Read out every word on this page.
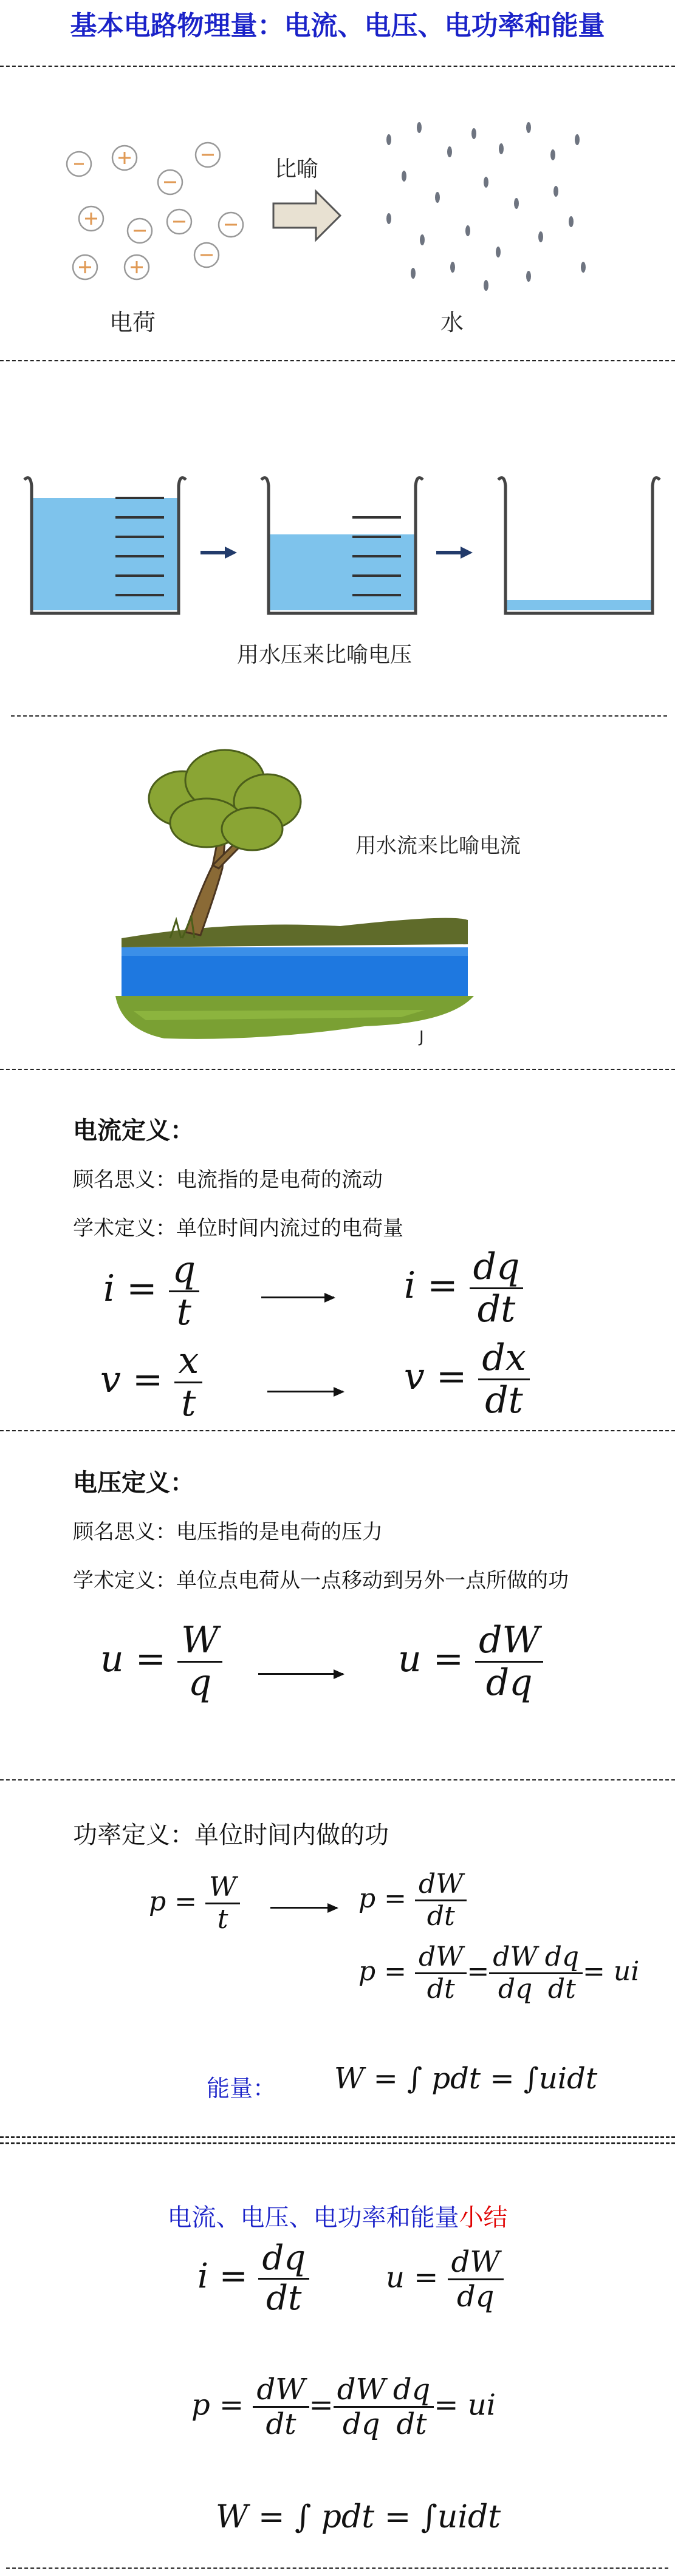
基本电路物理量：电流、电压、电功率和能量
电荷
比喻
水
用水压来比喻电压
用水流来比喻电流
J
电流定义：
顾名思义：电流指的是电荷的流动
学术定义：单位时间内流过的电荷量
$i = \frac{q}{t}$	$i = \frac{dq}{dt}$
$v = \frac{x}{t}$	$v = \frac{dx}{dt}$
电压定义：
顾名思义：电压指的是电荷的压力
学术定义：单位点电荷从一点移动到另外一点所做的功
$u = \frac{W}{q}$	$u = \frac{dW}{dq}$
功率定义：单位时间内做的功
$p = \frac{W}{t}$	$p = \frac{dW}{dt}$
$p = \frac{dW}{dt} = \frac{dW}{dq} \frac{dq}{dt}$ = ui
能量： W = ∫ pdt = ∫uidt
电流、电压、电功率和能量小结
$i = \frac{dq}{dt}$	$u = \frac{dW}{dq}$
$p = \frac{dW}{dt} = \frac{dW}{dq} \frac{dq}{dt}$ = ui
W = ∫ pdt = ∫uidt
